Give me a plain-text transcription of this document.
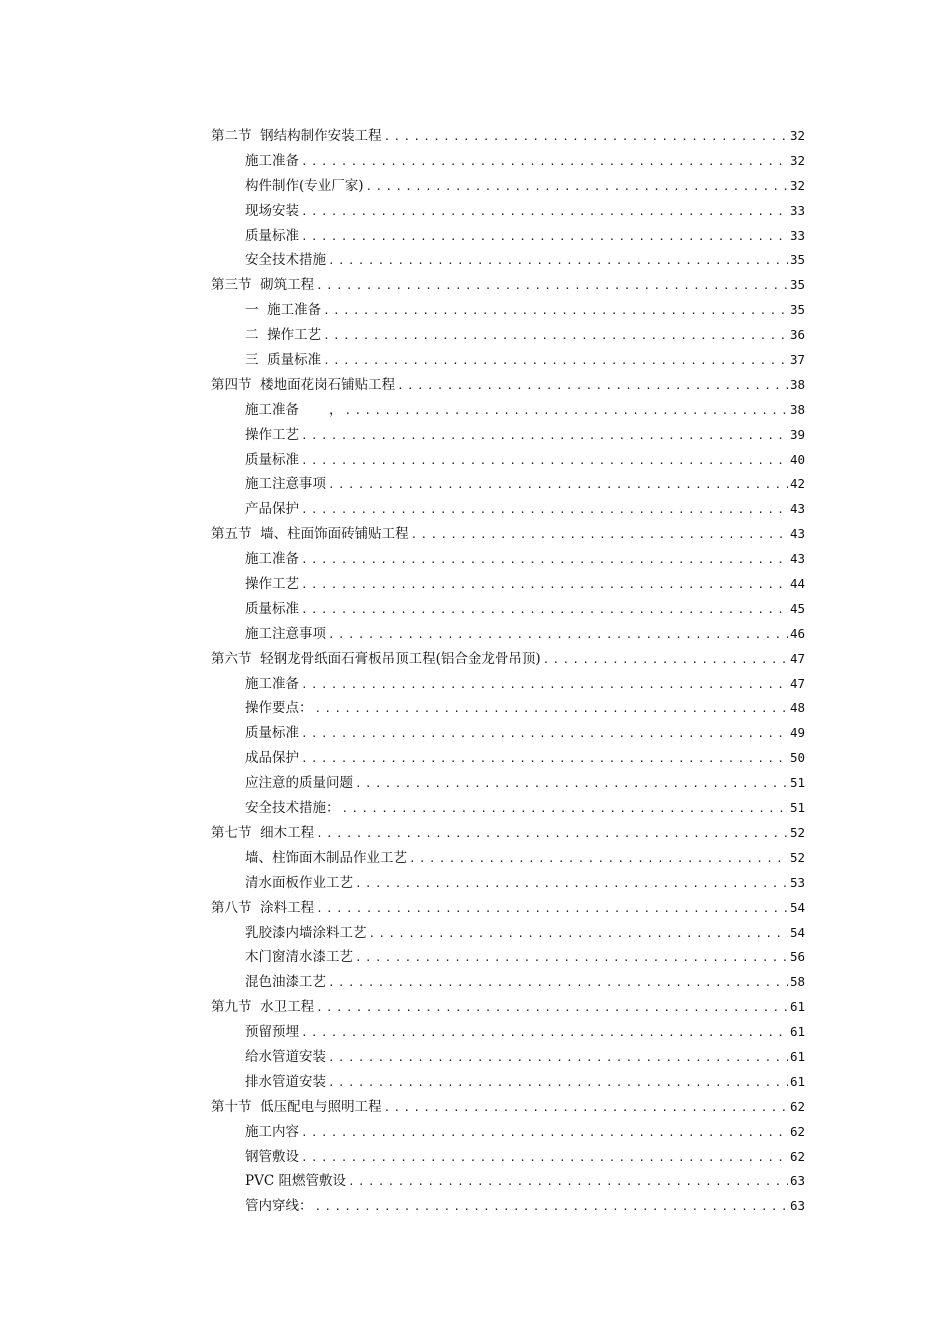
第二节  钢结构制作安装工程 .....	32
施工准备 .....	32
构件制作(专业厂家) .....	32
现场安装 .....	33
质量标准 .....	33
安全技术措施 .....	35
第三节  砌筑工程 .....	35
一  施工准备 .....	35
二  操作工艺 .....	36
三  质量标准 .....	37
第四节  楼地面花岗石铺贴工程 .....	38
施工准备       ， .....	38
操作工艺 .....	39
质量标准 .....	40
施工注意事项 .....	42
产品保护 .....	43
第五节  墙、柱面饰面砖铺贴工程 .....	43
施工准备 .....	43
操作工艺 .....	44
质量标准 .....	45
施工注意事项 .....	46
第六节  轻钢龙骨纸面石膏板吊顶工程(铝合金龙骨吊顶) .....	47
施工准备 .....	47
操作要点： .....	48
质量标准 .....	49
成品保护 .....	50
应注意的质量问题 .....	51
安全技术措施： .....	51
第七节  细木工程 .....	52
墙、柱饰面木制品作业工艺 .....	52
清水面板作业工艺 .....	53
第八节  涂料工程 .....	54
乳胶漆内墙涂料工艺 .....	54
木门窗清水漆工艺 .....	56
混色油漆工艺 .....	58
第九节  水卫工程 .....	61
预留预埋 .....	61
给水管道安装 .....	61
排水管道安装 .....	61
第十节  低压配电与照明工程 .....	62
施工内容 .....	62
钢管敷设 .....	62
PVC 阻燃管敷设 .....	63
管内穿线： .....	63
